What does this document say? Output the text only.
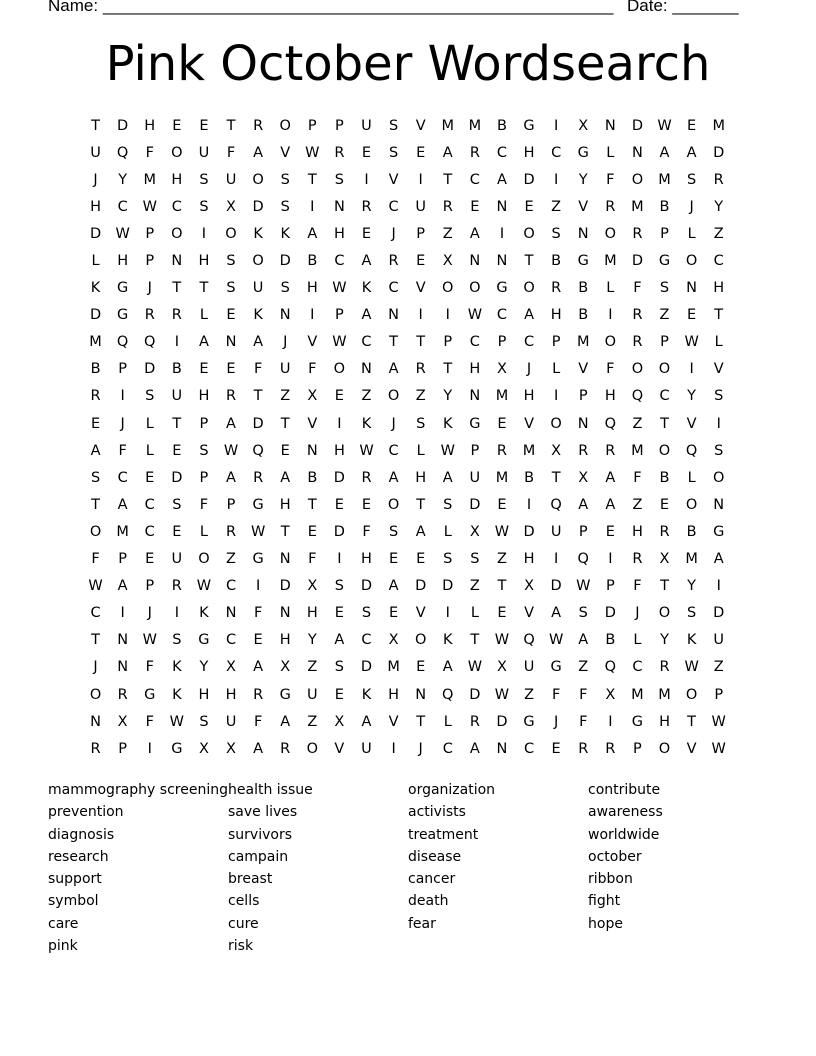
Name: ______________________________________________________ Date: _______
Pink October Wordsearch
T	D	H	E	E	T	R	O	P	P	U	S	V	M	M	B	G	I	X	N	D W	E	M
U	Q	F	O	U	F	A	V	W	R	E	S	E	A	R	C	H	C	G	L	N	A	A	D
J	Y	M	H	S	U	O	S	T	S	I	V	I	T	C	A	D	I	Y	F	O	M	S	R
H	C	W	C	S	X	D	S	I	N	R	C	U	R	E	N	E	Z	V	R	M	B	J	Y
D W	P	O	I	O	K	K	A	H	E	J	P	Z	A	I	O	S	N	O	R	P	L	Z
L	H	P	N	H	S	O	D	B	C	A	R	E	X	N	N	T	B	G	M	D	G	O	C
K	G	J	T	T	S	U	S	H W	K	C	V	O	O	G	O	R	B	L	F	S	N	H
D	G	R	R	L	E	K	N	I	P	A	N	I	I	W	C	A	H	B	I	R	Z	E	T
M	Q	Q	I	A	N	A	J	V	W	C	T	T	P	C	P	C	P	M	O	R	P	W	L
B	P	D	B	E	E	F	U	F	O	N	A	R	T	H	X	J	L	V	F	O	O	I	V
R	I	S	U	H	R	T	Z	X	E	Z	O	Z	Y	N	M	H	I	P	H	Q	C	Y	S
E	J	L	T	P	A	D	T	V	I	K	J	S	K	G	E	V	O	N	Q	Z	T	V	I
A	F	L	E	S	W Q	E	N	H W	C	L	W	P	R	M	X	R	R	M	O	Q	S
S	C	E	D	P	A	R	A	B	D	R	A	H	A	U	M	B	T	X	A	F	B	L	O
T	A	C	S	F	P	G	H	T	E	E	O	T	S	D	E	I	Q	A	A	Z	E	O	N
O	M	C	E	L	R	W	T	E	D	F	S	A	L	X	W D	U	P	E	H	R	B	G
F	P	E	U	O	Z	G	N	F	I	H	E	E	S	S	Z	H	I	Q	I	R	X	M	A
W	A	P	R	W	C	I	D	X	S	D	A	D	D	Z	T	X	D W	P	F	T	Y	I
C	I	J	I	K	N	F	N	H	E	S	E	V	I	L	E	V	A	S	D	J	O	S	D
T	N	W	S	G	C	E	H	Y	A	C	X	O	K	T	W Q W	A	B	L	Y	K	U
J	N	F	K	Y	X	A	X	Z	S	D	M	E	A	W	X	U	G	Z	Q	C	R	W	Z
O	R	G	K	H	H	R	G	U	E	K	H	N	Q	D W	Z	F	F	X	M	M	O	P
N	X	F	W	S	U	F	A	Z	X	A	V	T	L	R	D	G	J	F	I	G	H	T	W
R	P	I	G	X	X	A	R	O	V	U	I	J	C	A	N	C	E	R	R	P	O	V	W
mammography screening
prevention
diagnosis
research
support
symbol
care
pink
health issue
save lives
survivors
campain
breast
cells
cure
risk
organization
activists
treatment
disease
cancer
death
fear
contribute
awareness
worldwide
october
ribbon
fight
hope
